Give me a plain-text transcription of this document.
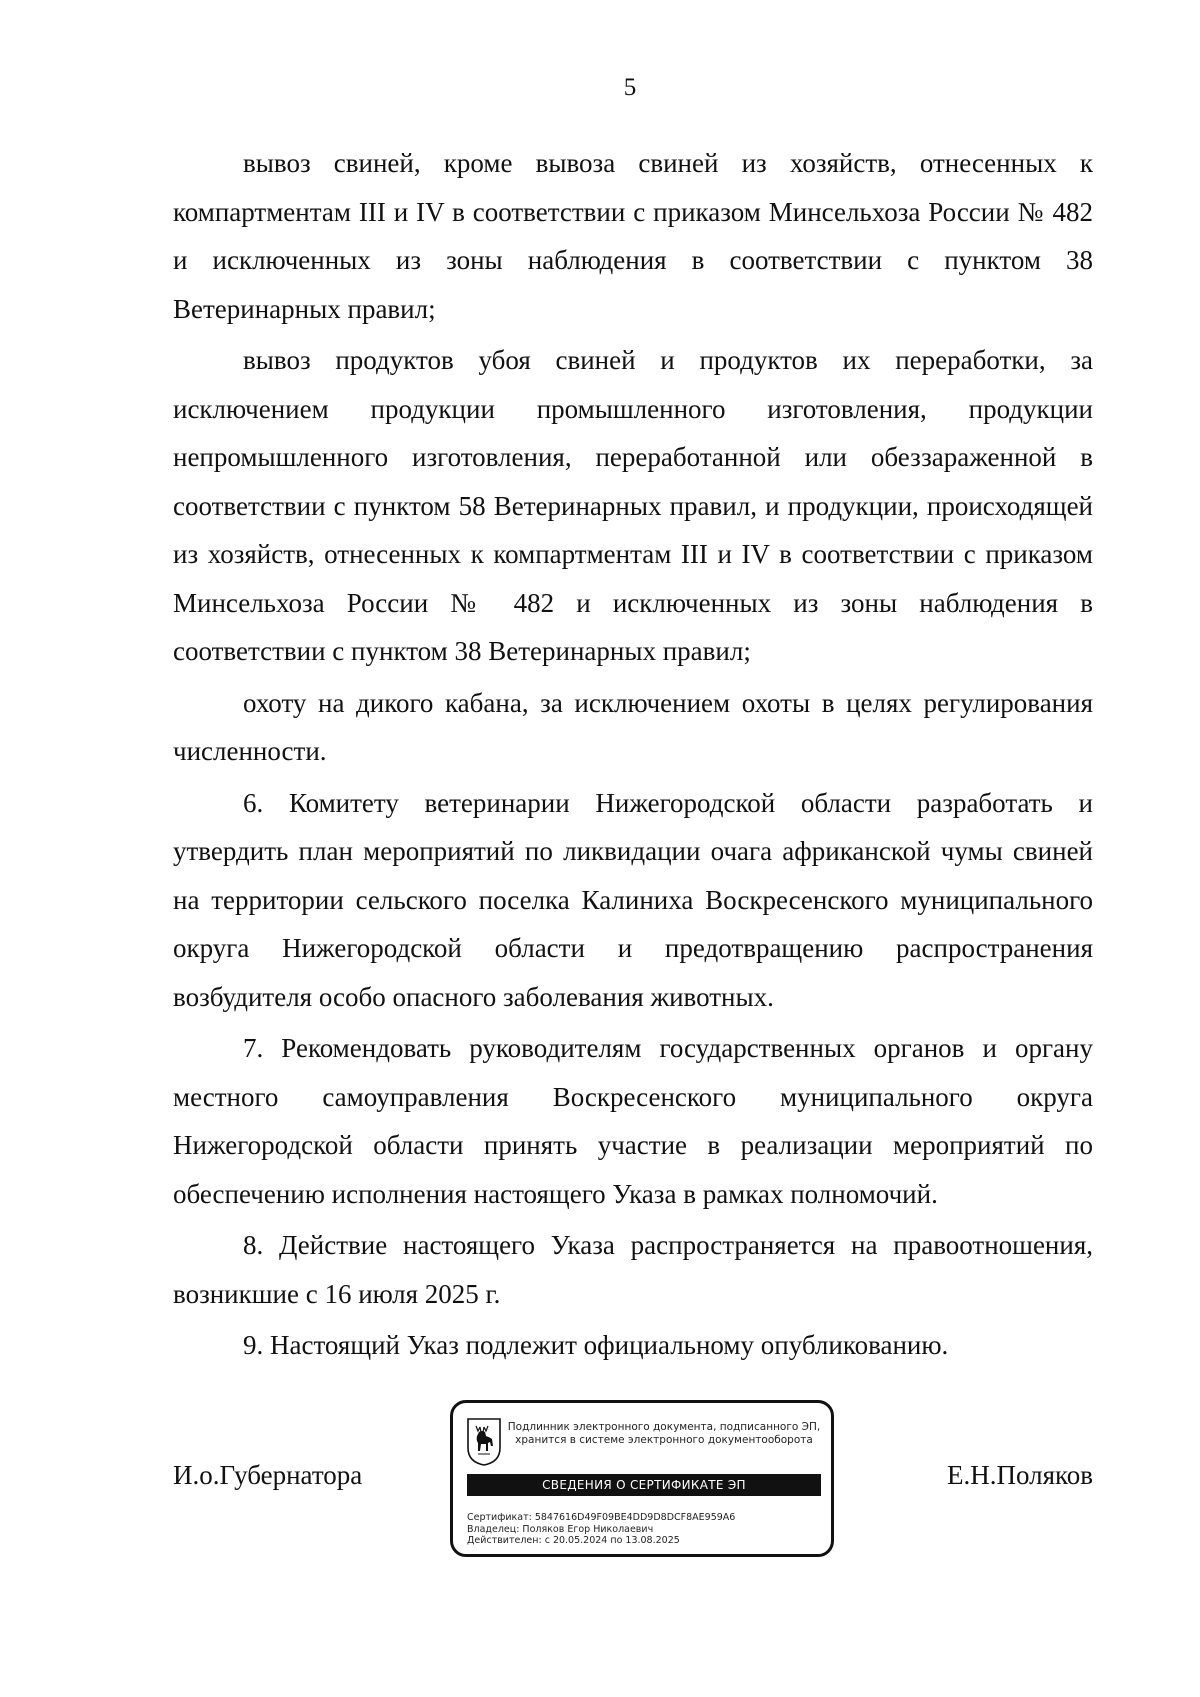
5

вывоз свиней, кроме вывоза свиней из хозяйств, отнесенных к компартментам III и IV в соответствии с приказом Минсельхоза России № 482 и исключенных из зоны наблюдения в соответствии с пунктом 38 Ветеринарных правил;

вывоз продуктов убоя свиней и продуктов их переработки, за исключением продукции промышленного изготовления, продукции непромышленного изготовления, переработанной или обеззараженной в соответствии с пунктом 58 Ветеринарных правил, и продукции, происходящей из хозяйств, отнесенных к компартментам III и IV в соответствии с приказом Минсельхоза России № 482 и исключенных из зоны наблюдения в соответствии с пунктом 38 Ветеринарных правил;

охоту на дикого кабана, за исключением охоты в целях регулирования численности.

6. Комитету ветеринарии Нижегородской области разработать и утвердить план мероприятий по ликвидации очага африканской чумы свиней на территории сельского поселка Калиниха Воскресенского муниципального округа Нижегородской области и предотвращению распространения возбудителя особо опасного заболевания животных.

7. Рекомендовать руководителям государственных органов и органу местного самоуправления Воскресенского муниципального округа Нижегородской области принять участие в реализации мероприятий по обеспечению исполнения настоящего Указа в рамках полномочий.

8. Действие настоящего Указа распространяется на правоотношения, возникшие с 16 июля 2025 г.

9. Настоящий Указ подлежит официальному опубликованию.

И.о.Губернатора	Е.Н.Поляков
Подлинник электронного документа, подписанного ЭП,
хранится в системе электронного документооборота
СВЕДЕНИЯ О СЕРТИФИКАТЕ ЭП
Сертификат: 5847616D49F09BE4DD9D8DCF8AE959A6
Владелец: Поляков Егор Николаевич
Действителен: с 20.05.2024 по 13.08.2025
